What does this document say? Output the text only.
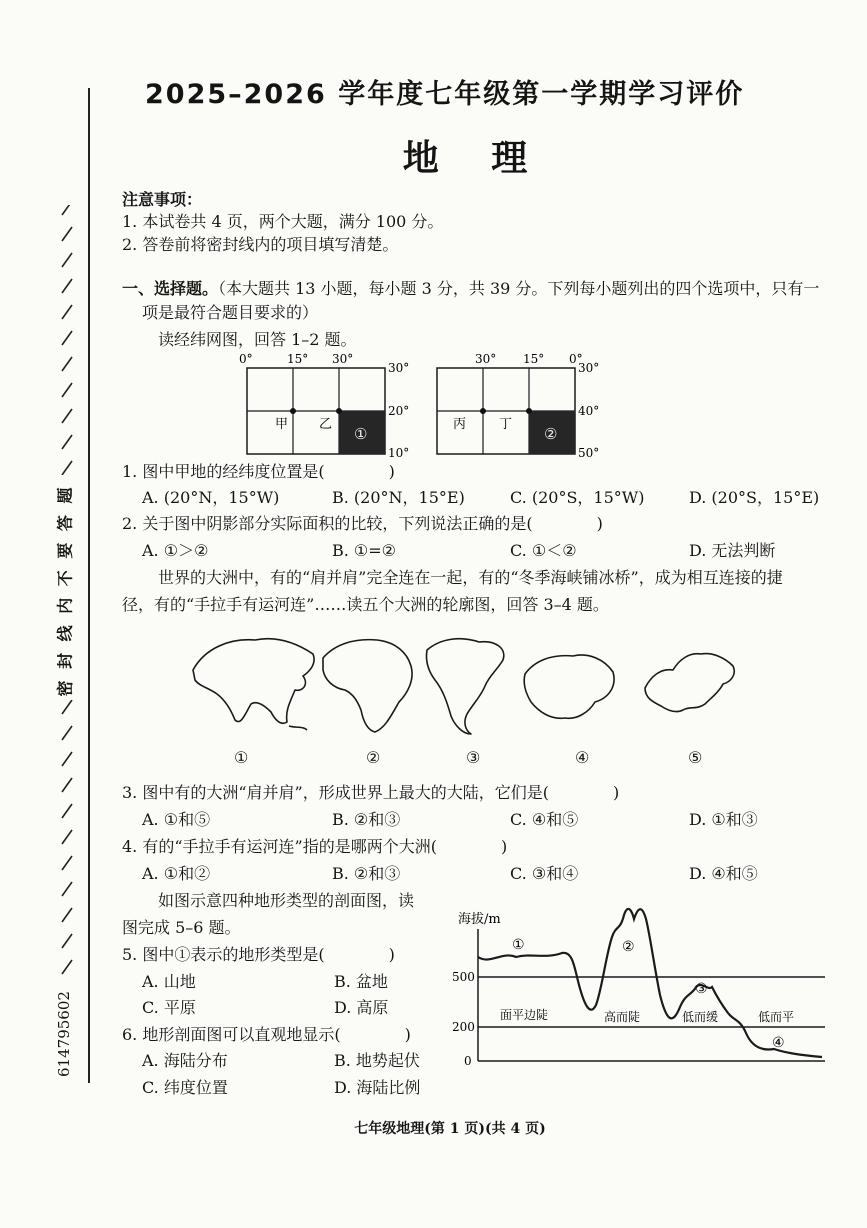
密 封 线 内 不 要 答 题
614795602
2025–2026 学年度七年级第一学期学习评价
地 理
注意事项：
1. 本试卷共 4 页，两个大题，满分 100 分。
2. 答卷前将密封线内的项目填写清楚。
一、选择题。（本大题共 13 小题，每小题 3 分，共 39 分。下列每小题列出的四个选项中，只有一
项是最符合题目要求的）
读经纬网图，回答 1–2 题。
0°	15° 30°
30°
20°
10°
甲 乙
①
30° 15° 0°
30°
40°
50°
丙	丁
②
1. 图中甲地的经纬度位置是(　　　　)
A. (20°N，15°W)	B. (20°N，15°E)	C. (20°S，15°W)	D. (20°S，15°E)
2. 关于图中阴影部分实际面积的比较，下列说法正确的是(　　　　)
A. ①＞②	B. ①=②	C. ①＜②	D. 无法判断
世界的大洲中，有的“肩并肩”完全连在一起，有的“冬季海峡铺冰桥”，成为相互连接的捷
径，有的“手拉手有运河连”……读五个大洲的轮廓图，回答 3–4 题。
①	②	③	④	⑤
3. 图中有的大洲“肩并肩”，形成世界上最大的大陆，它们是(　　　　)
A. ①和⑤	B. ②和③	C. ④和⑤	D. ①和③
4. 有的“手拉手有运河连”指的是哪两个大洲(　　　　)
A. ①和②	B. ②和③	C. ③和④	D. ④和⑤
如图示意四种地形类型的剖面图，读
图完成 5–6 题。
5. 图中①表示的地形类型是(　　　　)
A. 山地	B. 盆地
C. 平原	D. 高原
6. 地形剖面图可以直观地显示(　　　　)
A. 海陆分布	B. 地势起伏
C. 纬度位置	D. 海陆比例
海拔/m
500
200
0
①	②
③
④
面平边陡	高而陡	低而缓	低而平
七年级地理(第 1 页)(共 4 页)
